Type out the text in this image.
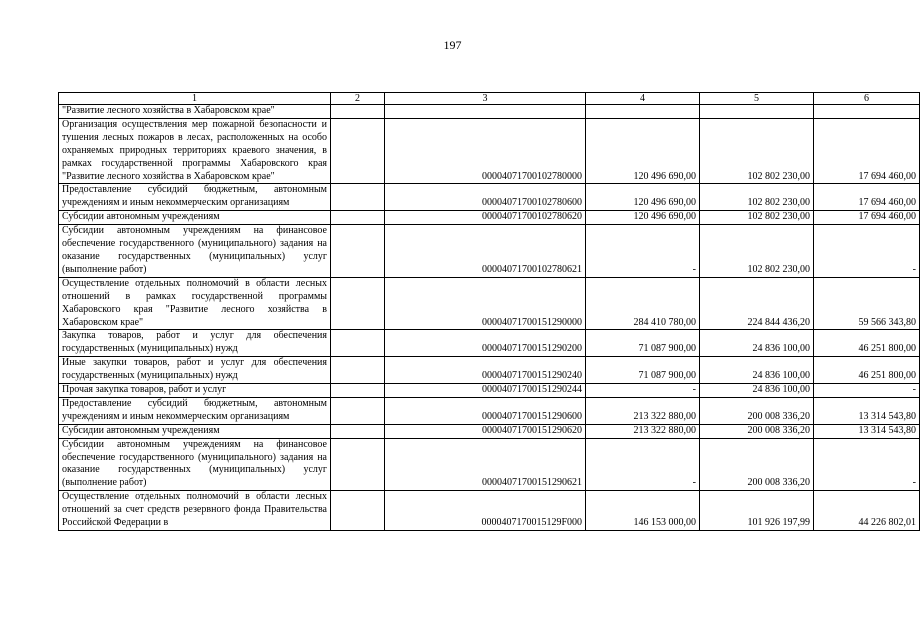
197
1	2	3	4	5	6
"Развитие лесного хозяйства в Хабаровском крае"					
Организация осуществления мер пожарной безопасности и тушения лесных пожаров в лесах, расположенных на особо охраняемых природных территориях краевого значения, в рамках государственной программы Хабаровского края "Развитие лесного хозяйства в Хабаровском крае"		00004071700102780000	120 496 690,00	102 802 230,00	17 694 460,00
Предоставление субсидий бюджетным, автономным учреждениям и иным некоммерческим организациям		00004071700102780600	120 496 690,00	102 802 230,00	17 694 460,00
Субсидии автономным учреждениям		00004071700102780620	120 496 690,00	102 802 230,00	17 694 460,00
Субсидии автономным учреждениям на финансовое обеспечение государственного (муниципального) задания на оказание государственных (муниципальных) услуг (выполнение работ)		00004071700102780621	-	102 802 230,00	-
Осуществление отдельных полномочий в области лесных отношений в рамках государственной программы Хабаровского края "Развитие лесного хозяйства в Хабаровском крае"		00004071700151290000	284 410 780,00	224 844 436,20	59 566 343,80
Закупка товаров, работ и услуг для обеспечения государственных (муниципальных) нужд		00004071700151290200	71 087 900,00	24 836 100,00	46 251 800,00
Иные закупки товаров, работ и услуг для обеспечения государственных (муниципальных) нужд		00004071700151290240	71 087 900,00	24 836 100,00	46 251 800,00
Прочая закупка товаров, работ и услуг		00004071700151290244	-	24 836 100,00	-
Предоставление субсидий бюджетным, автономным учреждениям и иным некоммерческим организациям		00004071700151290600	213 322 880,00	200 008 336,20	13 314 543,80
Субсидии автономным учреждениям		00004071700151290620	213 322 880,00	200 008 336,20	13 314 543,80
Субсидии автономным учреждениям на финансовое обеспечение государственного (муниципального) задания на оказание государственных (муниципальных) услуг (выполнение работ)		00004071700151290621	-	200 008 336,20	-
Осуществление отдельных полномочий в области лесных отношений за счет средств резервного фонда Правительства Российской Федерации в		0000407170015129F000	146 153 000,00	101 926 197,99	44 226 802,01
